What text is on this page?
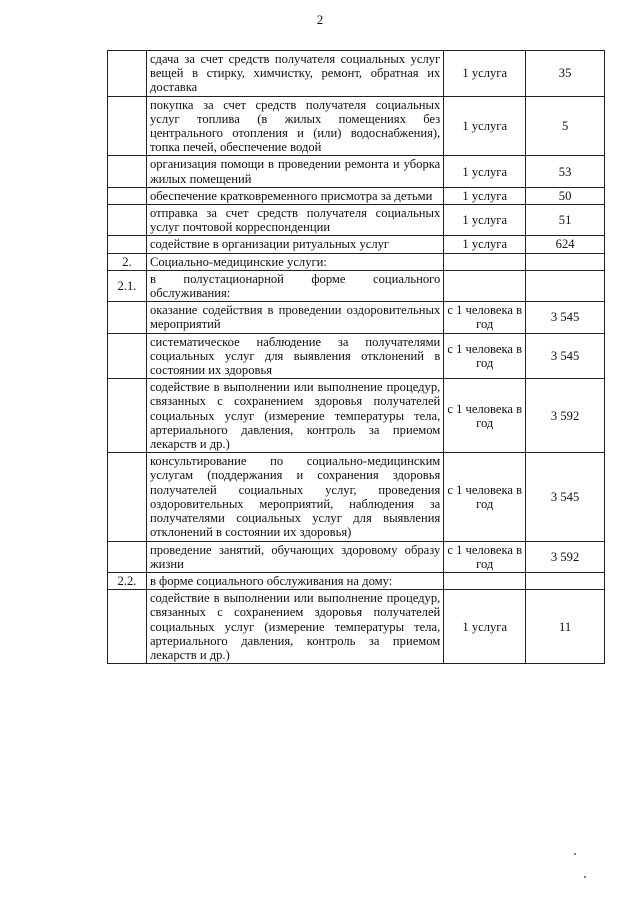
2
	сдача за счет средств получателя социальных услуг вещей в стирку, химчистку, ремонт, обратная их доставка	1 услуга	35
	покупка за счет средств получателя социальных услуг топлива (в жилых помещениях без центрального отопления и (или) водоснабжения), топка печей, обеспечение водой	1 услуга	5
	организация помощи в проведении ремонта и уборка жилых помещений	1 услуга	53
	обеспечение кратковременного присмотра за детьми	1 услуга	50
	отправка за счет средств получателя социальных услуг почтовой корреспонденции	1 услуга	51
	содействие в организации ритуальных услуг	1 услуга	624
2.	Социально-медицинские услуги:		
2.1.	в полустационарной форме социального обслуживания:		
	оказание содействия в проведении оздоровительных мероприятий	с 1 человека в год	3 545
	систематическое наблюдение за получателями социальных услуг для выявления отклонений в состоянии их здоровья	с 1 человека в год	3 545
	содействие в выполнении или выполнение процедур, связанных с сохранением здоровья получателей социальных услуг (измерение температуры тела, артериального давления, контроль за приемом лекарств и др.)	с 1 человека в год	3 592
	консультирование по социально-медицинским услугам (поддержания и сохранения здоровья получателей социальных услуг, проведения оздоровительных мероприятий, наблюдения за получателями социальных услуг для выявления отклонений в состоянии их здоровья)	с 1 человека в год	3 545
	проведение занятий, обучающих здоровому образу жизни	с 1 человека в год	3 592
2.2.	в форме социального обслуживания на дому:		
	содействие в выполнении или выполнение процедур, связанных с сохранением здоровья получателей социальных услуг (измерение температуры тела, артериального давления, контроль за приемом лекарств и др.)	1 услуга	11
